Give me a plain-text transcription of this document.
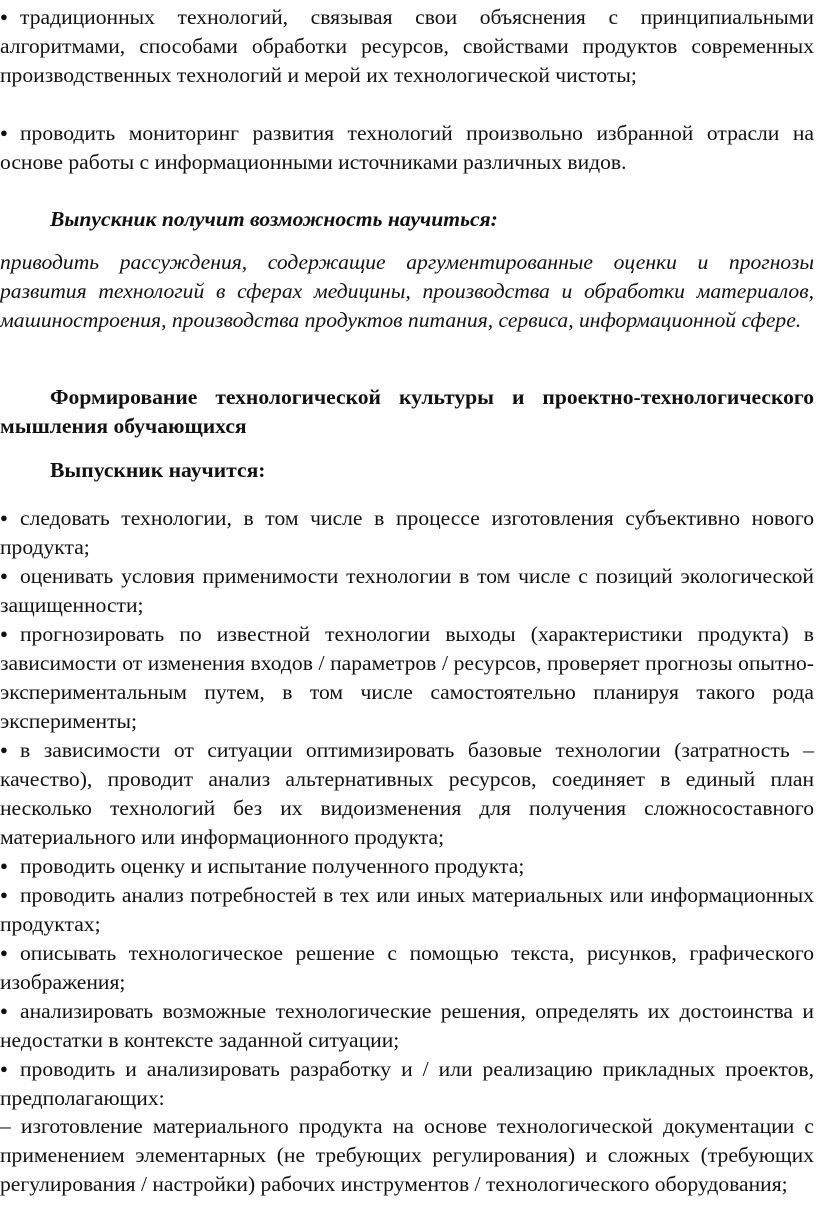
● традиционных технологий, связывая свои объяснения с принципиальными алгоритмами, способами обработки ресурсов, свойствами продуктов современных производственных технологий и мерой их технологической чистоты;

● проводить мониторинг развития технологий произвольно избранной отрасли на основе работы с информационными источниками различных видов.

Выпускник получит возможность научиться:

приводить рассуждения, содержащие аргументированные оценки и прогнозы развития технологий в сферах медицины, производства и обработки материалов, машиностроения, производства продуктов питания, сервиса, информационной сфере.

Формирование технологической культуры и проектно-технологического мышления обучающихся

Выпускник научится:

● следовать технологии, в том числе в процессе изготовления субъективно нового продукта;

● оценивать условия применимости технологии в том числе с позиций экологической защищенности;

● прогнозировать по известной технологии выходы (характеристики продукта) в зависимости от изменения входов / параметров / ресурсов, проверяет прогнозы опытно-экспериментальным путем, в том числе самостоятельно планируя такого рода эксперименты;

● в зависимости от ситуации оптимизировать базовые технологии (затратность – качество), проводит анализ альтернативных ресурсов, соединяет в единый план несколько технологий без их видоизменения для получения сложносоставного материального или информационного продукта;

● проводить оценку и испытание полученного продукта;

● проводить анализ потребностей в тех или иных материальных или информационных продуктах;

● описывать технологическое решение с помощью текста, рисунков, графического изображения;

● анализировать возможные технологические решения, определять их достоинства и недостатки в контексте заданной ситуации;

● проводить и анализировать разработку и / или реализацию прикладных проектов, предполагающих:

– изготовление материального продукта на основе технологической документации с применением элементарных (не требующих регулирования) и сложных (требующих регулирования / настройки) рабочих инструментов / технологического оборудования;
